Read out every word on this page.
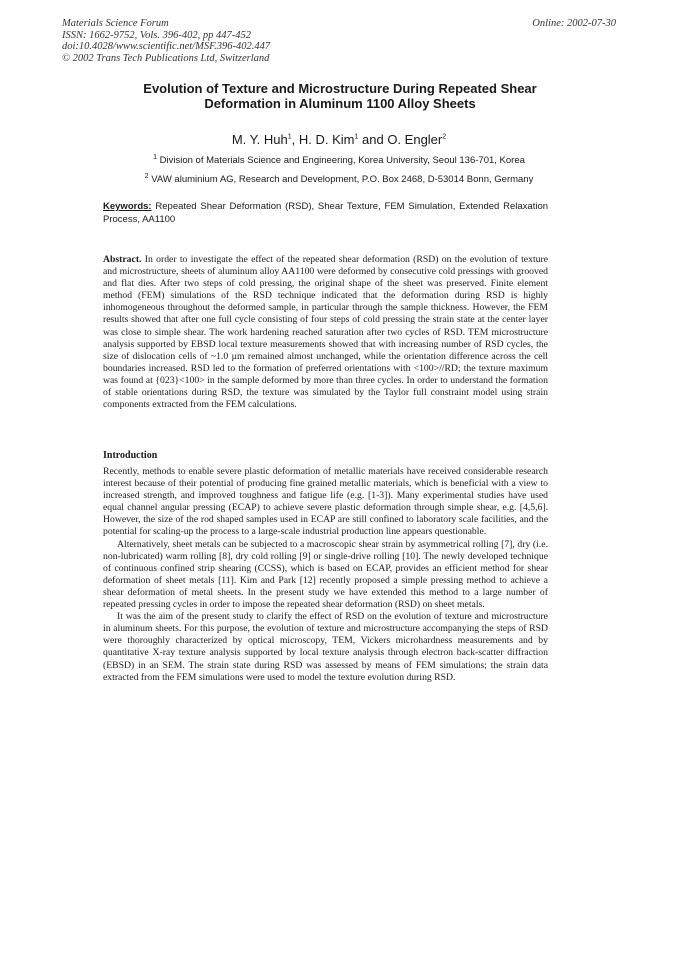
Materials Science Forum
ISSN: 1662-9752, Vols. 396-402, pp 447-452
doi:10.4028/www.scientific.net/MSF.396-402.447
© 2002 Trans Tech Publications Ltd, Switzerland
Online: 2002-07-30
Evolution of Texture and Microstructure During Repeated Shear
Deformation in Aluminum 1100 Alloy Sheets
M. Y. Huh$^1$, H. D. Kim$^1$ and O. Engler$^2$
$^1$ Division of Materials Science and Engineering, Korea University, Seoul 136-701, Korea
$^2$ VAW aluminium AG, Research and Development, P.O. Box 2468, D-53014 Bonn, Germany
Keywords: Repeated Shear Deformation (RSD), Shear Texture, FEM Simulation, Extended Relaxation Process, AA1100

Abstract. In order to investigate the effect of the repeated shear deformation (RSD) on the evolution of texture and microstructure, sheets of aluminum alloy AA1100 were deformed by consecutive cold pressings with grooved and flat dies. After two steps of cold pressing, the original shape of the sheet was preserved. Finite element method (FEM) simulations of the RSD technique indicated that the deformation during RSD is highly inhomogeneous throughout the deformed sample, in particular through the sample thickness. However, the FEM results showed that after one full cycle consisting of four steps of cold pressing the strain state at the center layer was close to simple shear. The work hardening reached saturation after two cycles of RSD. TEM microstructure analysis supported by EBSD local texture measurements showed that with increasing number of RSD cycles, the size of dislocation cells of ~1.0 µm remained almost unchanged, while the orientation difference across the cell boundaries increased. RSD led to the formation of preferred orientations with <100>//RD; the texture maximum was found at {023}<100> in the sample deformed by more than three cycles. In order to understand the formation of stable orientations during RSD, the texture was simulated by the Taylor full constraint model using strain components extracted from the FEM calculations.

Introduction

Recently, methods to enable severe plastic deformation of metallic materials have received considerable research interest because of their potential of producing fine grained metallic materials, which is beneficial with a view to increased strength, and improved toughness and fatigue life (e.g. [1-3]). Many experimental studies have used equal channel angular pressing (ECAP) to achieve severe plastic deformation through simple shear, e.g. [4,5,6]. However, the size of the rod shaped samples used in ECAP are still confined to laboratory scale facilities, and the potential for scaling-up the process to a large-scale industrial production line appears questionable.

Alternatively, sheet metals can be subjected to a macroscopic shear strain by asymmetrical rolling [7], dry (i.e. non-lubricated) warm rolling [8], dry cold rolling [9] or single-drive rolling [10]. The newly developed technique of continuous confined strip shearing (CCSS), which is based on ECAP, provides an efficient method for shear deformation of sheet metals [11]. Kim and Park [12] recently proposed a simple pressing method to achieve a shear deformation of metal sheets. In the present study we have extended this method to a large number of repeated pressing cycles in order to impose the repeated shear deformation (RSD) on sheet metals.

It was the aim of the present study to clarify the effect of RSD on the evolution of texture and microstructure in aluminum sheets. For this purpose, the evolution of texture and microstructure accompanying the steps of RSD were thoroughly characterized by optical microscopy, TEM, Vickers microhardness measurements and by quantitative X-ray texture analysis supported by local texture analysis through electron back-scatter diffraction (EBSD) in an SEM. The strain state during RSD was assessed by means of FEM simulations; the strain data extracted from the FEM simulations were used to model the texture evolution during RSD.
